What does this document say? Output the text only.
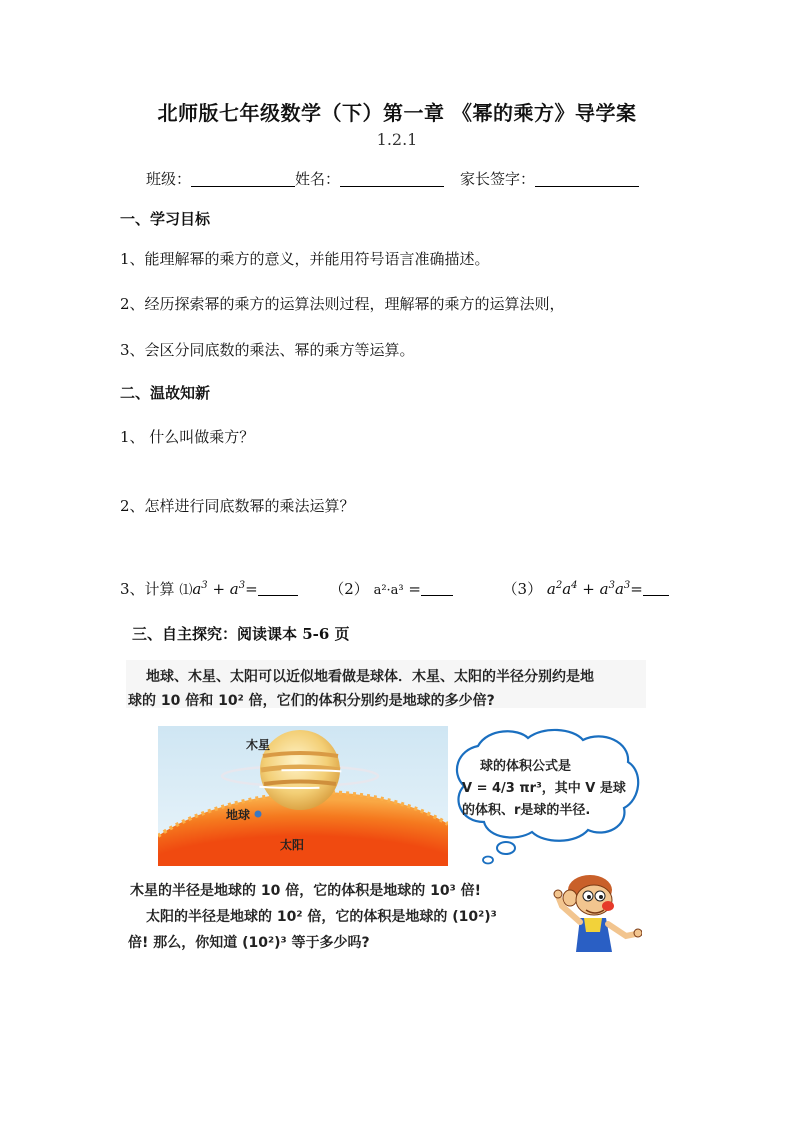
北师版七年级数学（下）第一章 《幂的乘方》导学案
1.2.1
班级：	姓名：	家长签字：
一、学习目标
1、能理解幂的乘方的意义，并能用符号语言准确描述。
2、经历探索幂的乘方的运算法则过程，理解幂的乘方的运算法则，
3、会区分同底数的乘法、幂的乘方等运算。
二、温故知新
1、 什么叫做乘方？
2、怎样进行同底数幂的乘法运算？
3、计算 $⑴a^3 + a^3=$	（2） a²·a³ =	（3） $a^2a^4 + a^3a^3=$
三、自主探究：阅读课本 5-6 页
地球、木星、太阳可以近似地看做是球体．木星、太阳的半径分别约是地
球的 10 倍和 10² 倍，它们的体积分别约是地球的多少倍?
木星
地球
太阳
球的体积公式是
V = 4/3 πr³，其中 V 是球
的体积、r是球的半径.
木星的半径是地球的 10 倍，它的体积是地球的 10³ 倍!
太阳的半径是地球的 10² 倍，它的体积是地球的 (10²)³
倍! 那么，你知道 (10²)³ 等于多少吗?
